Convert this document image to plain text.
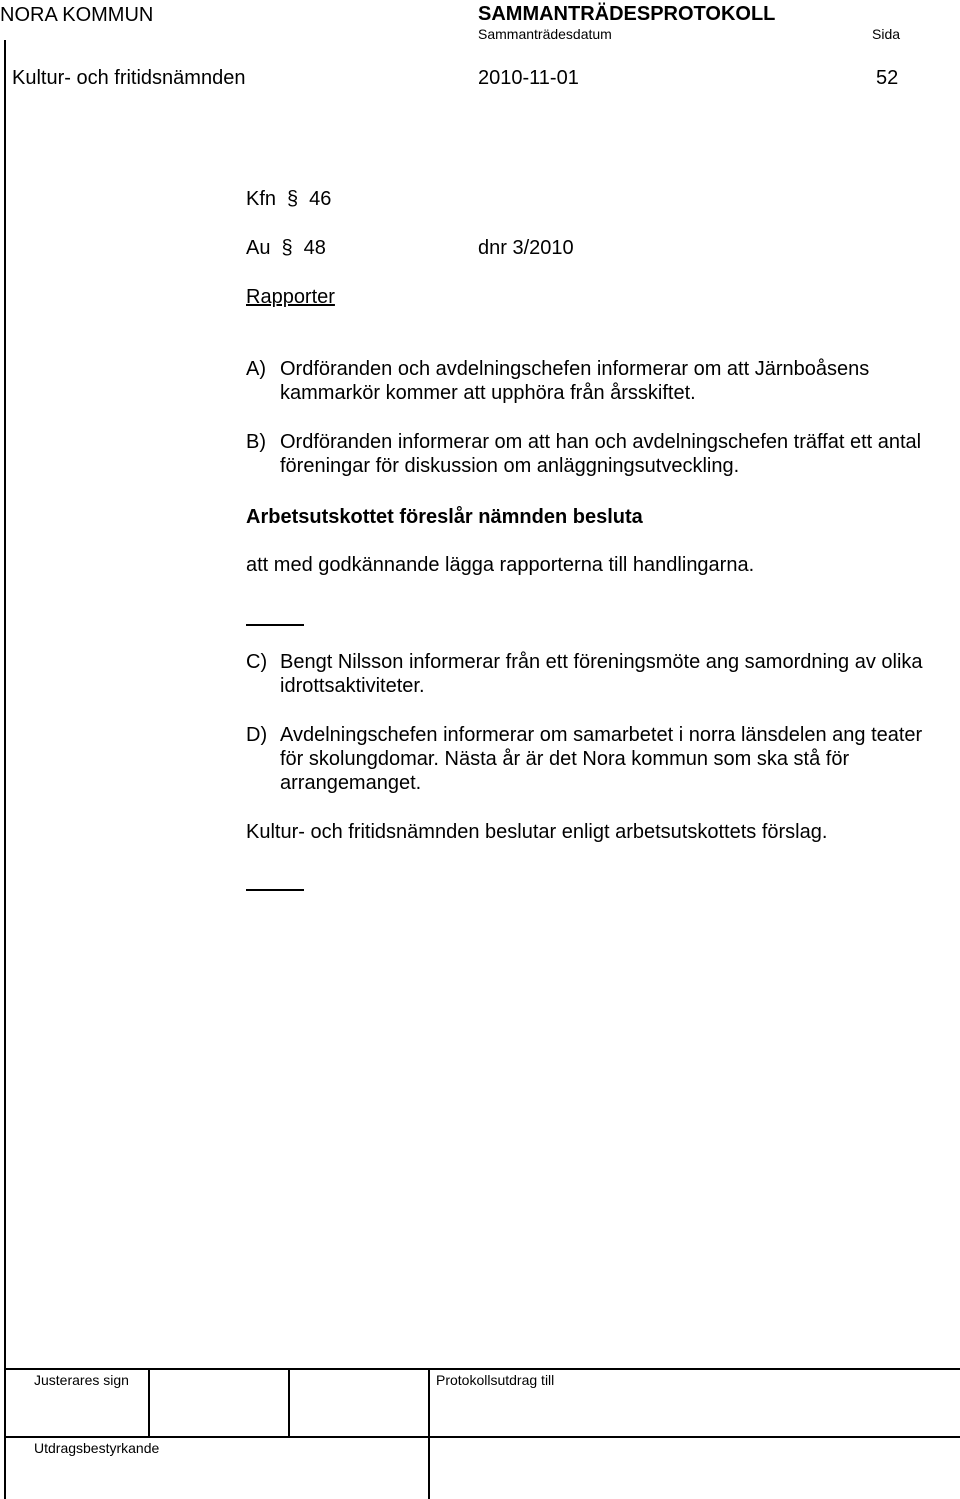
NORA KOMMUN	SAMMANTRÄDESPROTOKOLL
Sammanträdesdatum	Sida
Kultur- och fritidsnämnden	2010-11-01	52
Kfn § 46
Au § 48	dnr 3/2010
Rapporter
A) Ordföranden och avdelningschefen informerar om att Järnboåsens kammarkör kommer att upphöra från årsskiftet.
B) Ordföranden informerar om att han och avdelningschefen träffat ett antal föreningar för diskussion om anläggningsutveckling.
Arbetsutskottet föreslår nämnden besluta
att med godkännande lägga rapporterna till handlingarna.
C) Bengt Nilsson informerar från ett föreningsmöte ang samordning av olika idrottsaktiviteter.
D) Avdelningschefen informerar om samarbetet i norra länsdelen ang teater för skolungdomar. Nästa år är det Nora kommun som ska stå för arrangemanget.
Kultur- och fritidsnämnden beslutar enligt arbetsutskottets förslag.
Justerares sign	Protokollsutdrag till
Utdragsbestyrkande
